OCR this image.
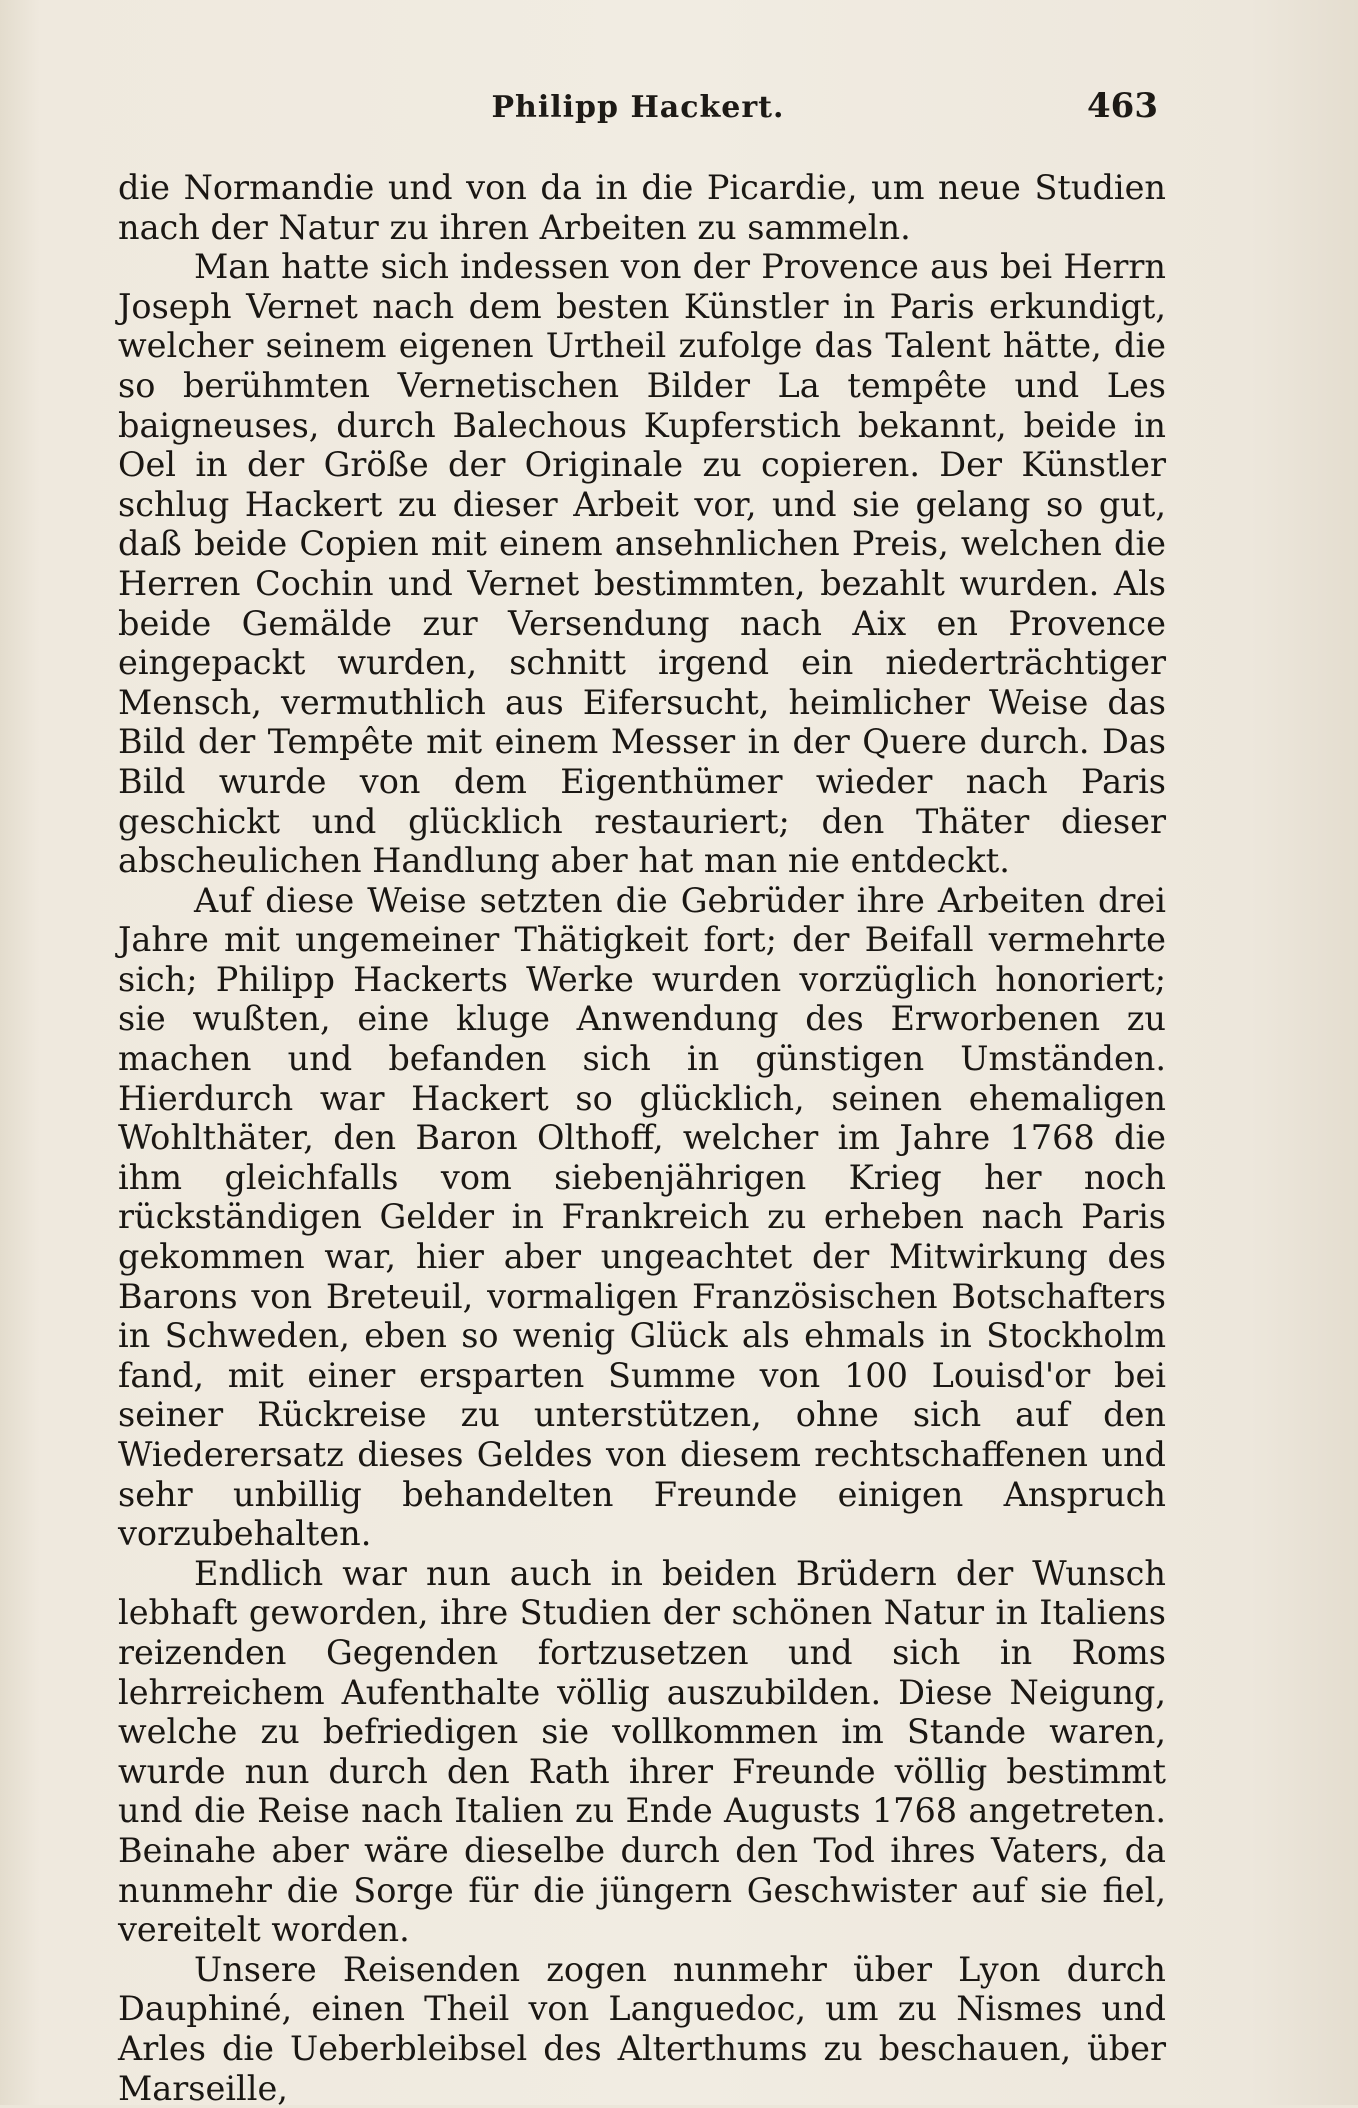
Philipp Hackert.	463

die Normandie und von da in die Picardie, um neue Studien nach der Natur zu ihren Arbeiten zu sammeln.

Man hatte sich indessen von der Provence aus bei Herrn Joseph Vernet nach dem besten Künstler in Paris erkundigt, welcher seinem eigenen Urtheil zufolge das Talent hätte, die so berühmten Vernetischen Bilder La tempête und Les baigneuses, durch Balechous Kupferstich bekannt, beide in Oel in der Größe der Originale zu copieren. Der Künstler schlug Hackert zu dieser Arbeit vor, und sie gelang so gut, daß beide Copien mit einem ansehnlichen Preis, welchen die Herren Cochin und Vernet bestimmten, bezahlt wurden. Als beide Gemälde zur Versendung nach Aix en Provence eingepackt wurden, schnitt irgend ein niederträchtiger Mensch, vermuthlich aus Eifersucht, heimlicher Weise das Bild der Tempête mit einem Messer in der Quere durch. Das Bild wurde von dem Eigenthümer wieder nach Paris geschickt und glücklich restauriert; den Thäter dieser abscheulichen Handlung aber hat man nie entdeckt.

Auf diese Weise setzten die Gebrüder ihre Arbeiten drei Jahre mit ungemeiner Thätigkeit fort; der Beifall vermehrte sich; Philipp Hackerts Werke wurden vorzüglich honoriert; sie wußten, eine kluge Anwendung des Erworbenen zu machen und befanden sich in günstigen Umständen. Hierdurch war Hackert so glücklich, seinen ehemaligen Wohlthäter, den Baron Olthoff, welcher im Jahre 1768 die ihm gleichfalls vom siebenjährigen Krieg her noch rückständigen Gelder in Frankreich zu erheben nach Paris gekommen war, hier aber ungeachtet der Mitwirkung des Barons von Breteuil, vormaligen Französischen Botschafters in Schweden, eben so wenig Glück als ehmals in Stockholm fand, mit einer ersparten Summe von 100 Louisd'or bei seiner Rückreise zu unterstützen, ohne sich auf den Wiederersatz dieses Geldes von diesem rechtschaffenen und sehr unbillig behandelten Freunde einigen Anspruch vorzubehalten.

Endlich war nun auch in beiden Brüdern der Wunsch lebhaft geworden, ihre Studien der schönen Natur in Italiens reizenden Gegenden fortzusetzen und sich in Roms lehrreichem Aufenthalte völlig auszubilden. Diese Neigung, welche zu befriedigen sie vollkommen im Stande waren, wurde nun durch den Rath ihrer Freunde völlig bestimmt und die Reise nach Italien zu Ende Augusts 1768 angetreten. Beinahe aber wäre dieselbe durch den Tod ihres Vaters, da nunmehr die Sorge für die jüngern Geschwister auf sie fiel, vereitelt worden.

Unsere Reisenden zogen nunmehr über Lyon durch Dauphiné, einen Theil von Languedoc, um zu Nismes und Arles die Ueberbleibsel des Alterthums zu beschauen, über Marseille,
